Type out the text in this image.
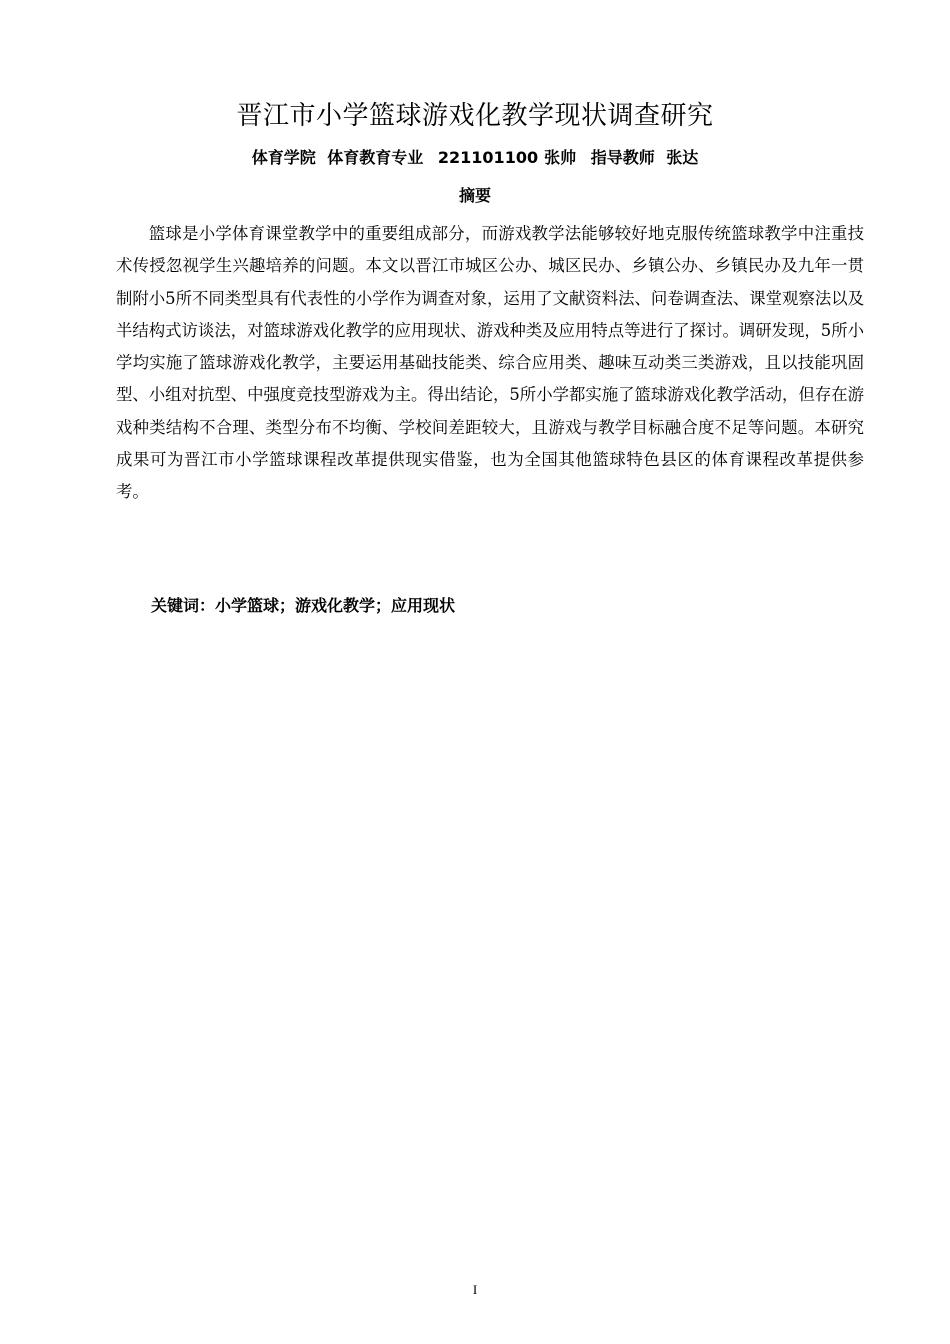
晋江市小学篮球游戏化教学现状调查研究
体育学院 体育教育专业 221101100 张帅 指导教师 张达
摘要

篮球是小学体育课堂教学中的重要组成部分，而游戏教学法能够较好地克服传统篮球教学中注重技术传授忽视学生兴趣培养的问题。本文以晋江市城区公办、城区民办、乡镇公办、乡镇民办及九年一贯制附小5所不同类型具有代表性的小学作为调查对象，运用了文献资料法、问卷调查法、课堂观察法以及半结构式访谈法，对篮球游戏化教学的应用现状、游戏种类及应用特点等进行了探讨。调研发现，5所小学均实施了篮球游戏化教学，主要运用基础技能类、综合应用类、趣味互动类三类游戏，且以技能巩固型、小组对抗型、中强度竞技型游戏为主。得出结论，5所小学都实施了篮球游戏化教学活动，但存在游戏种类结构不合理、类型分布不均衡、学校间差距较大，且游戏与教学目标融合度不足等问题。本研究成果可为晋江市小学篮球课程改革提供现实借鉴，也为全国其他篮球特色县区的体育课程改革提供参考。

关键词：小学篮球；游戏化教学；应用现状
I
